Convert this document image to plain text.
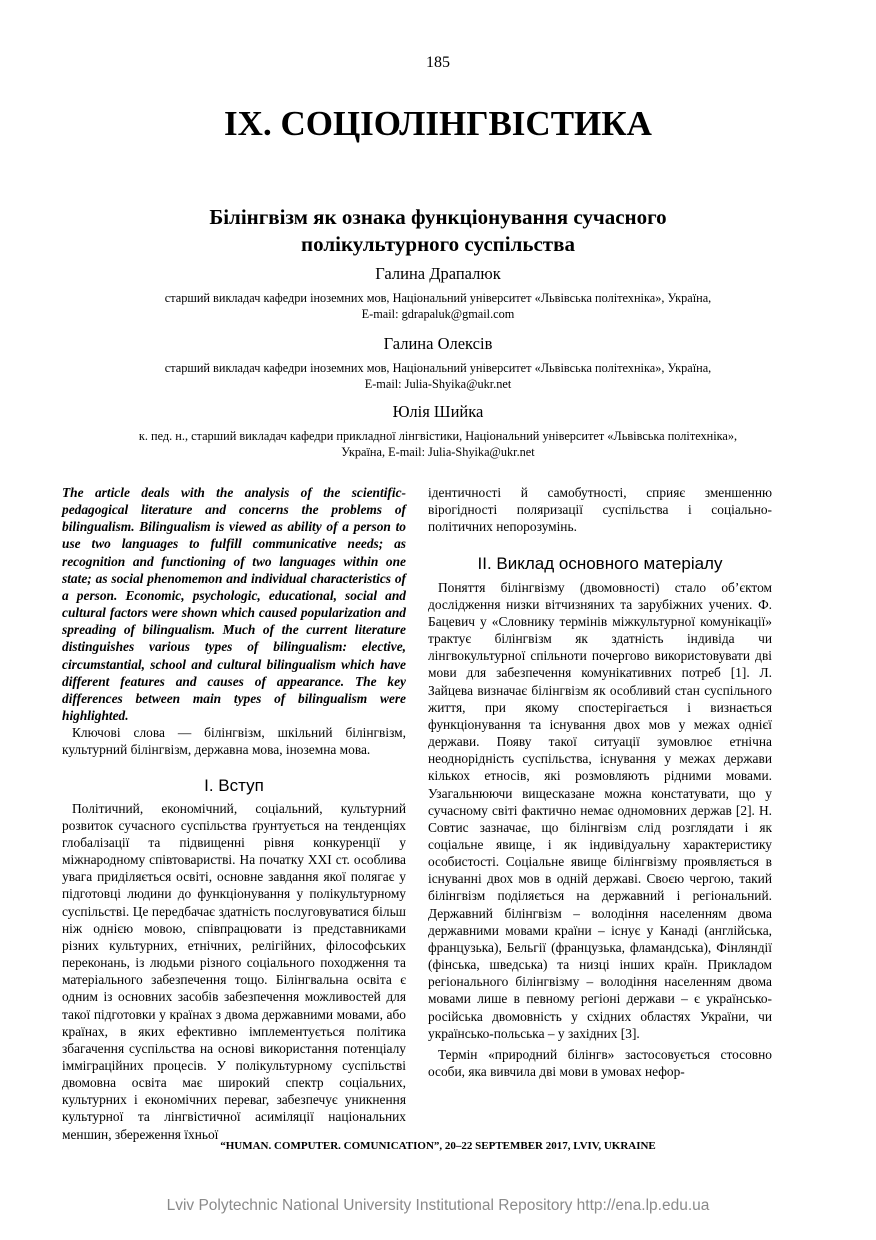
185
IX. СОЦІОЛІНГВІСТИКА
Білінгвізм як ознака функціонування сучасного
полікультурного суспільства
Галина Драпалюк
старший викладач кафедри іноземних мов, Національний університет «Львівська політехніка», Україна,
E-mail: gdrapaluk@gmail.com
Галина Олексів
старший викладач кафедри іноземних мов, Національний університет «Львівська політехніка», Україна,
E-mail: Julia-Shyika@ukr.net
Юлія Шийка
к. пед. н., старший викладач кафедри прикладної лінгвістики, Національний університет «Львівська політехніка»,
Україна, E-mail: Julia-Shyika@ukr.net

The article deals with the analysis of the scientific-pedagogical literature and concerns the problems of bilingualism. Bilingualism is viewed as ability of a person to use two languages to fulfill communicative needs; as recognition and functioning of two languages within one state; as social phenomemon and individual characteristics of a person. Economic, psychologic, educational, social and cultural factors were shown which caused popularization and spreading of bilingualism. Much of the current literature distinguishes various types of bilingualism: elective, circumstantial, school and cultural bilingualism which have different features and causes of appearance. The key differences between main types of bilingualism were highlighted.

Ключові слова — білінгвізм, шкільний білінгвізм, культурний білінгвізм, державна мова, іноземна мова.

I. Вступ

Політичний, економічний, соціальний, культурний розвиток сучасного суспільства ґрунтується на тенденціях глобалізації та підвищенні рівня конкуренції у міжнародному співтоваристві. На початку XXI ст. особлива увага приділяється освіті, основне завдання якої полягає у підготовці людини до функціонування у полікультурному суспільстві. Це передбачає здатність послуговуватися більш ніж однією мовою, співпрацювати із представниками різних культурних, етнічних, релігійних, філософських переконань, із людьми різного соціального походження та матеріального забезпечення тощо. Білінгвальна освіта є одним із основних засобів забезпечення можливостей для такої підготовки у країнах з двома державними мовами, або країнах, в яких ефективно імплементується політика збагачення суспільства на основі використання потенціалу імміграційних процесів. У полікультурному суспільстві двомовна освіта має широкий спектр соціальних, культурних і економічних переваг, забезпечує уникнення культурної та лінгвістичної асиміляції національних меншин, збереження їхньої

ідентичності й самобутності, сприяє зменшенню вірогідності поляризації суспільства і соціально-політичних непорозумінь.

II. Виклад основного матеріалу

Поняття білінгвізму (двомовності) стало об’єктом дослідження низки вітчизняних та зарубіжних учених. Ф. Бацевич у «Словнику термінів міжкультурної комунікації» трактує білінгвізм як здатність індивіда чи лінгвокультурної спільноти почергово використовувати дві мови для забезпечення комунікативних потреб [1]. Л. Зайцева визначає білінгвізм як особливий стан суспільного життя, при якому спостерігається і визнається функціонування та існування двох мов у межах однієї держави. Появу такої ситуації зумовлює етнічна неоднорідність суспільства, існування у межах держави кількох етносів, які розмовляють рідними мовами. Узагальнюючи вищесказане можна констатувати, що у сучасному світі фактично немає одномовних держав [2]. Н. Совтис зазначає, що білінгвізм слід розглядати і як соціальне явище, і як індивідуальну характеристику особистості. Соціальне явище білінгвізму проявляється в існуванні двох мов в одній державі. Своєю чергою, такий білінгвізм поділяється на державний і регіональний. Державний білінгвізм – володіння населенням двома державними мовами країни – існує у Канаді (англійська, французька), Бельгії (французька, фламандська), Фінляндії (фінська, шведська) та низці інших країн. Прикладом регіонального білінгвізму – володіння населенням двома мовами лише в певному регіоні держави – є українсько-російська двомовність у східних областях України, чи українсько-польська – у західних [3].

Термін «природний білінгв» застосовується стосовно особи, яка вивчила дві мови в умовах нефор-

“HUMAN. COMPUTER. COMUNICATION”, 20–22 SEPTEMBER 2017, LVIV, UKRAINE
Lviv Polytechnic National University Institutional Repository http://ena.lp.edu.ua
